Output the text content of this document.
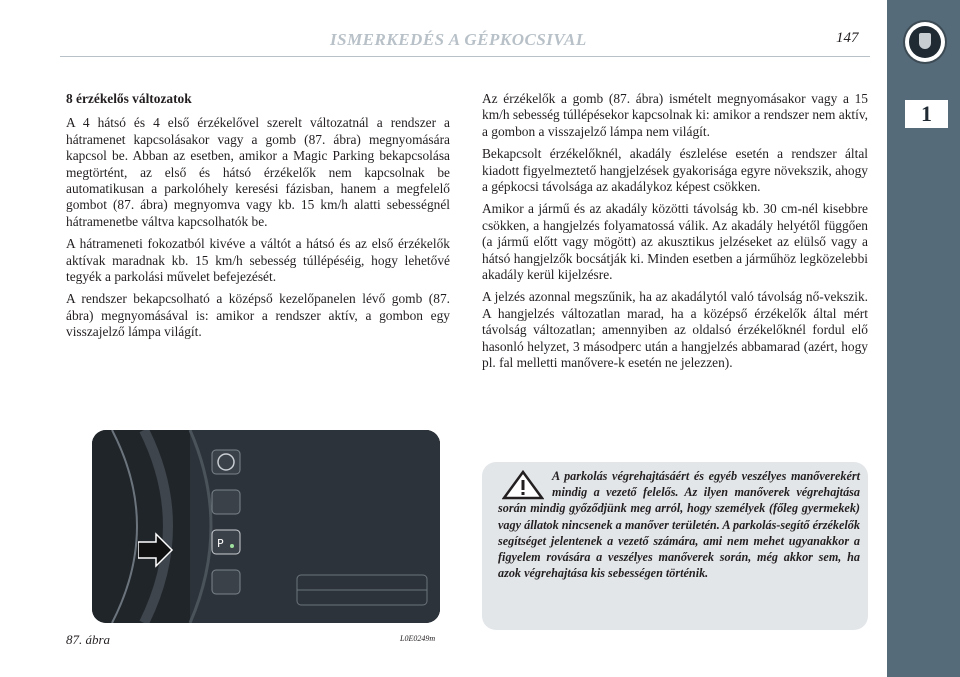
1
ISMERKEDÉS A GÉPKOCSIVAL	147

8 érzékelős változatok

A 4 hátsó és 4 első érzékelővel szerelt változatnál a rendszer a hátramenet kapcsolásakor vagy a gomb (87. ábra) megnyomására kapcsol be. Abban az esetben, amikor a Magic Parking bekapcsolása megtörtént, az első és hátsó érzékelők nem kapcsolnak be automatikusan a parkolóhely keresési fázisban, hanem a megfelelő gombot (87. ábra) megnyomva vagy kb. 15 km/h alatti sebességnél hátramenetbe váltva kapcsolhatók be.

A hátrameneti fokozatból kivéve a váltót a hátsó és az első érzékelők aktívak maradnak kb. 15 km/h sebesség túllépéséig, hogy lehetővé tegyék a parkolási művelet befejezését.

A rendszer bekapcsolható a középső kezelőpanelen lévő gomb (87. ábra) megnyomásával is: amikor a rendszer aktív, a gombon egy visszajelző lámpa világít.

P
87. ábra	L0E0249m

Az érzékelők a gomb (87. ábra) ismételt megnyomásakor vagy a 15 km/h sebesség túllépésekor kapcsolnak ki: amikor a rendszer nem aktív, a gombon a visszajelző lámpa nem világít.

Bekapcsolt érzékelőknél, akadály észlelése esetén a rendszer által kiadott figyelmeztető hangjelzések gyakorisága egyre növekszik, ahogy a gépkocsi távolsága az akadálykoz képest csökken.

Amikor a jármű és az akadály közötti távolság kb. 30 cm-nél kisebbre csökken, a hangjelzés folyamatossá válik. Az akadály helyétől függően (a jármű előtt vagy mögött) az akusztikus jelzéseket az elülső vagy a hátsó hangjelzők bocsátják ki. Minden esetben a járműhöz legközelebbi akadály kerül kijelzésre.

A jelzés azonnal megszűnik, ha az akadálytól való távolság nő-vekszik. A hangjelzés változatlan marad, ha a középső érzékelők által mért távolság változatlan; amennyiben az oldalsó érzékelőknél fordul elő hasonló helyzet, 3 másodperc után a hangjelzés abbamarad (azért, hogy pl. fal melletti manővere-k esetén ne jelezzen).

A parkolás végrehajtásáért és egyéb veszélyes manőverekért mindig a vezető felelős. Az ilyen manőverek végrehajtása során mindig győződjünk meg arról, hogy személyek (főleg gyermekek) vagy állatok nincsenek a manőver területén. A parkolás-segítő érzékelők segítséget jelentenek a vezető számára, ami nem mehet ugyanakkor a figyelem rovására a veszélyes manőverek során, még akkor sem, ha azok végrehajtása kis sebességen történik.
